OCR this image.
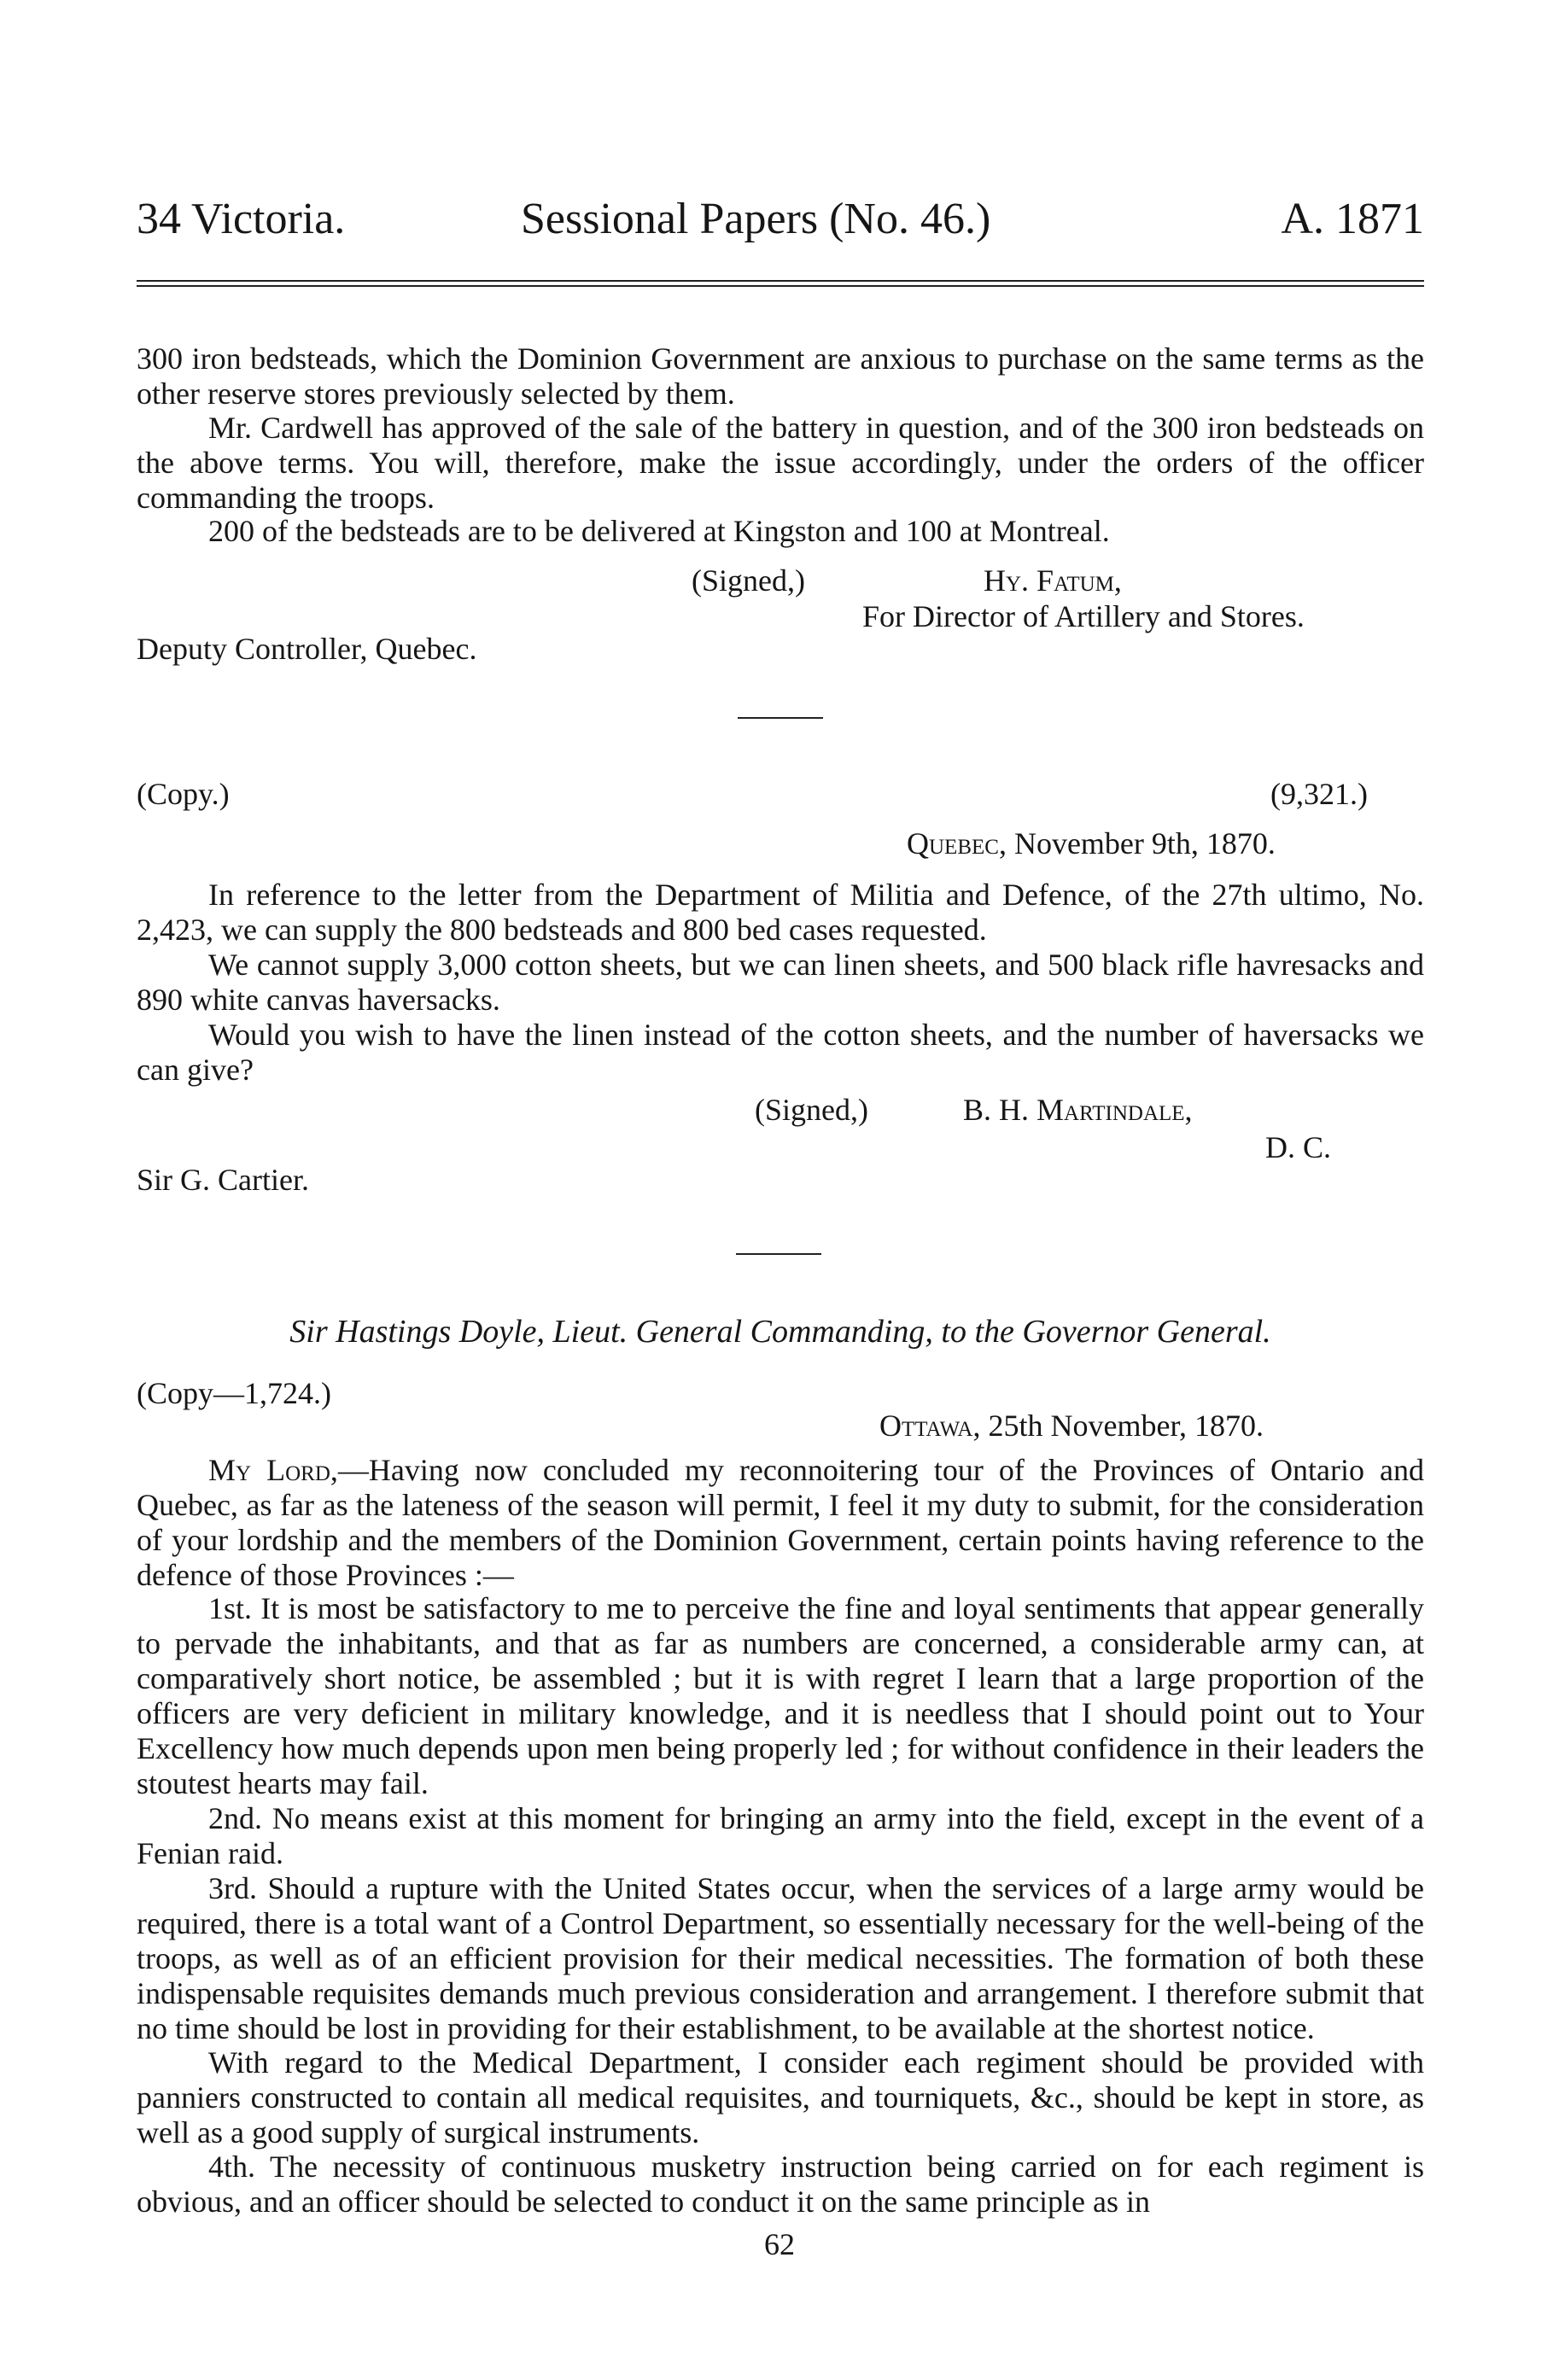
34 Victoria.	Sessional Papers (No. 46.)	A. 1871

300 iron bedsteads, which the Dominion Government are anxious to purchase on the same terms as the other reserve stores previously selected by them.

Mr. Cardwell has approved of the sale of the battery in question, and of the 300 iron bedsteads on the above terms. You will, therefore, make the issue accordingly, under the orders of the officer commanding the troops.

200 of the bedsteads are to be delivered at Kingston and 100 at Montreal.

(Signed,)	Hy. Fatum,
For Director of Artillery and Stores.
Deputy Controller, Quebec.
(Copy.)	(9,321.)
Quebec, November 9th, 1870.

In reference to the letter from the Department of Militia and Defence, of the 27th ultimo, No. 2,423, we can supply the 800 bedsteads and 800 bed cases requested.

We cannot supply 3,000 cotton sheets, but we can linen sheets, and 500 black rifle havresacks and 890 white canvas haversacks.

Would you wish to have the linen instead of the cotton sheets, and the number of haversacks we can give?

(Signed,)	B. H. Martindale,
D. C.
Sir G. Cartier.
Sir Hastings Doyle, Lieut. General Commanding, to the Governor General.
(Copy—1,724.)
Ottawa, 25th November, 1870.

My Lord,—Having now concluded my reconnoitering tour of the Provinces of Ontario and Quebec, as far as the lateness of the season will permit, I feel it my duty to submit, for the consideration of your lordship and the members of the Dominion Government, certain points having reference to the defence of those Provinces :—

1st. It is most be satisfactory to me to perceive the fine and loyal sentiments that appear generally to pervade the inhabitants, and that as far as numbers are concerned, a considerable army can, at comparatively short notice, be assembled ; but it is with regret I learn that a large proportion of the officers are very deficient in military knowledge, and it is needless that I should point out to Your Excellency how much depends upon men being properly led ; for without confidence in their leaders the stoutest hearts may fail.

2nd. No means exist at this moment for bringing an army into the field, except in the event of a Fenian raid.

3rd. Should a rupture with the United States occur, when the services of a large army would be required, there is a total want of a Control Department, so essentially necessary for the well-being of the troops, as well as of an efficient provision for their medical necessities. The formation of both these indispensable requisites demands much previous consideration and arrangement. I therefore submit that no time should be lost in providing for their establishment, to be available at the shortest notice.

With regard to the Medical Department, I consider each regiment should be provided with panniers constructed to contain all medical requisites, and tourniquets, &c., should be kept in store, as well as a good supply of surgical instruments.

4th. The necessity of continuous musketry instruction being carried on for each regiment is obvious, and an officer should be selected to conduct it on the same principle as in

62
